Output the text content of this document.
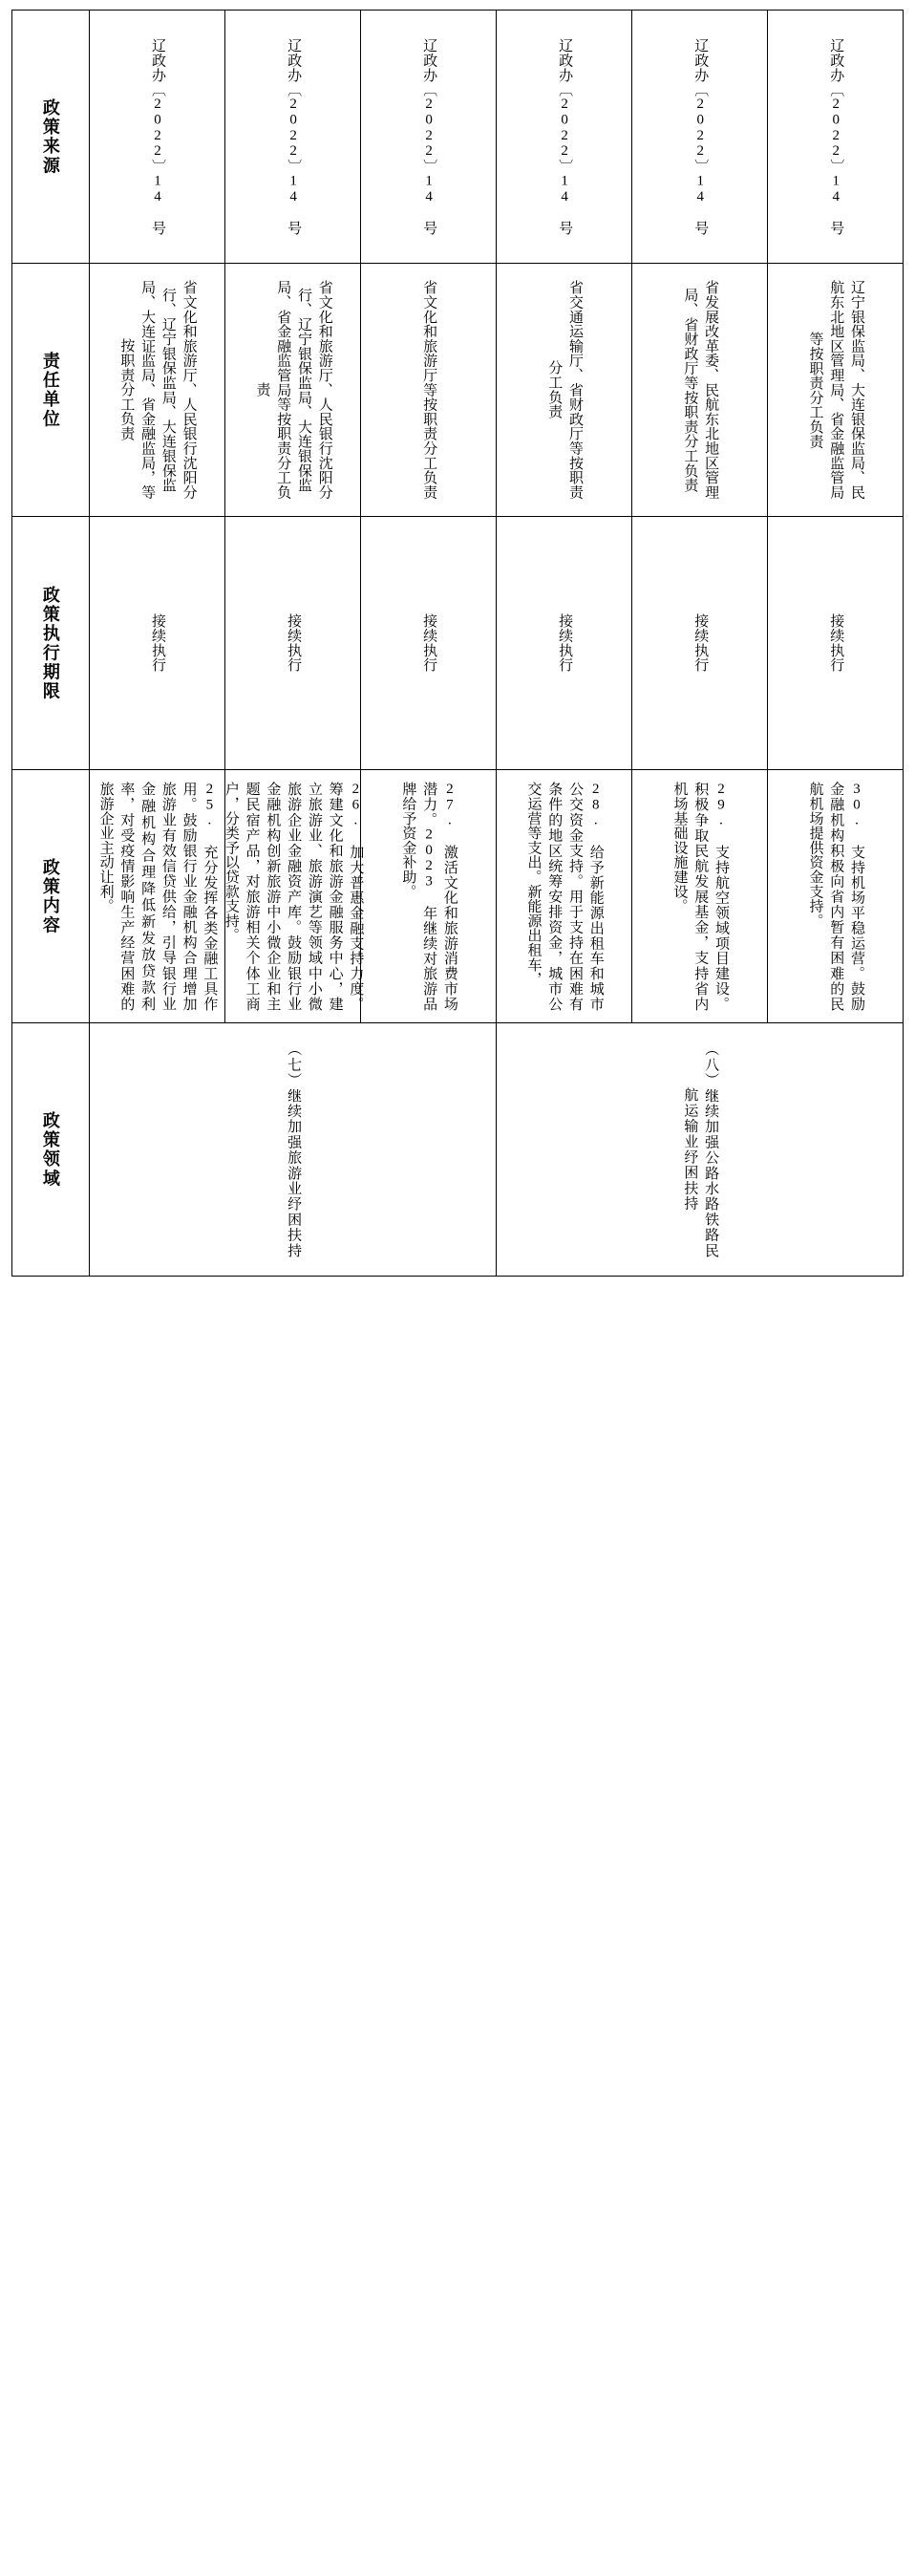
政策来源	辽政办〔2022〕14 号	辽政办〔2022〕14 号	辽政办〔2022〕14 号	辽政办〔2022〕14 号	辽政办〔2022〕14 号	辽政办〔2022〕14 号

责任单位	省文化和旅游厅、人民银行沈阳分行、辽宁银保监局、大连银保监局、大连证监局、省金融监局，等按职责分工负责	省文化和旅游厅、人民银行沈阳分行、辽宁银保监局、大连银保监局、省金融监管局等按职责分工负责	省文化和旅游厅等按职责分工负责	省交通运输厅、省财政厅等按职责分工负责	省发展改革委、民航东北地区管理局、省财政厅等按职责分工负责	辽宁银保监局、大连银保监局、民航东北地区管理局、省金融监管局等按职责分工负责

政策执行期限	接续执行	接续执行	接续执行	接续执行	接续执行	接续执行

政策内容	25. 充分发挥各类金融工具作用。鼓励银行业金融机构合理增加旅游业有效信贷供给，引导银行业金融机构合理降低新发放贷款利率，对受疫情影响生产经营困难的旅游企业主动让利。	26. 加大普惠金融支持力度。筹建文化和旅游金融服务中心，建立旅游业、旅游演艺等领域中小微旅游企业金融资产库。鼓励银行业金融机构创新旅游中小微企业和主题民宿产品，对旅游相关个体工商户，分类予以贷款支持。	27. 激活文化和旅游消费市场潜力。2023 年继续对旅游品牌给予资金补助。	28. 给予新能源出租车和城市公交资金支持。用于支持在困难有条件的地区统筹安排资金，城市公交运营等支出。新能源出租车，	29. 支持航空领域项目建设。积极争取民航发展基金，支持省内机场基础设施建设。	30. 支持机场平稳运营。鼓励金融机构积极向省内暂有困难的民航机场提供资金支持。

政策领域	（七）继续加强旅游业纾困扶持			（八）继续加强公路水路铁路民航运输业纾困扶持		
